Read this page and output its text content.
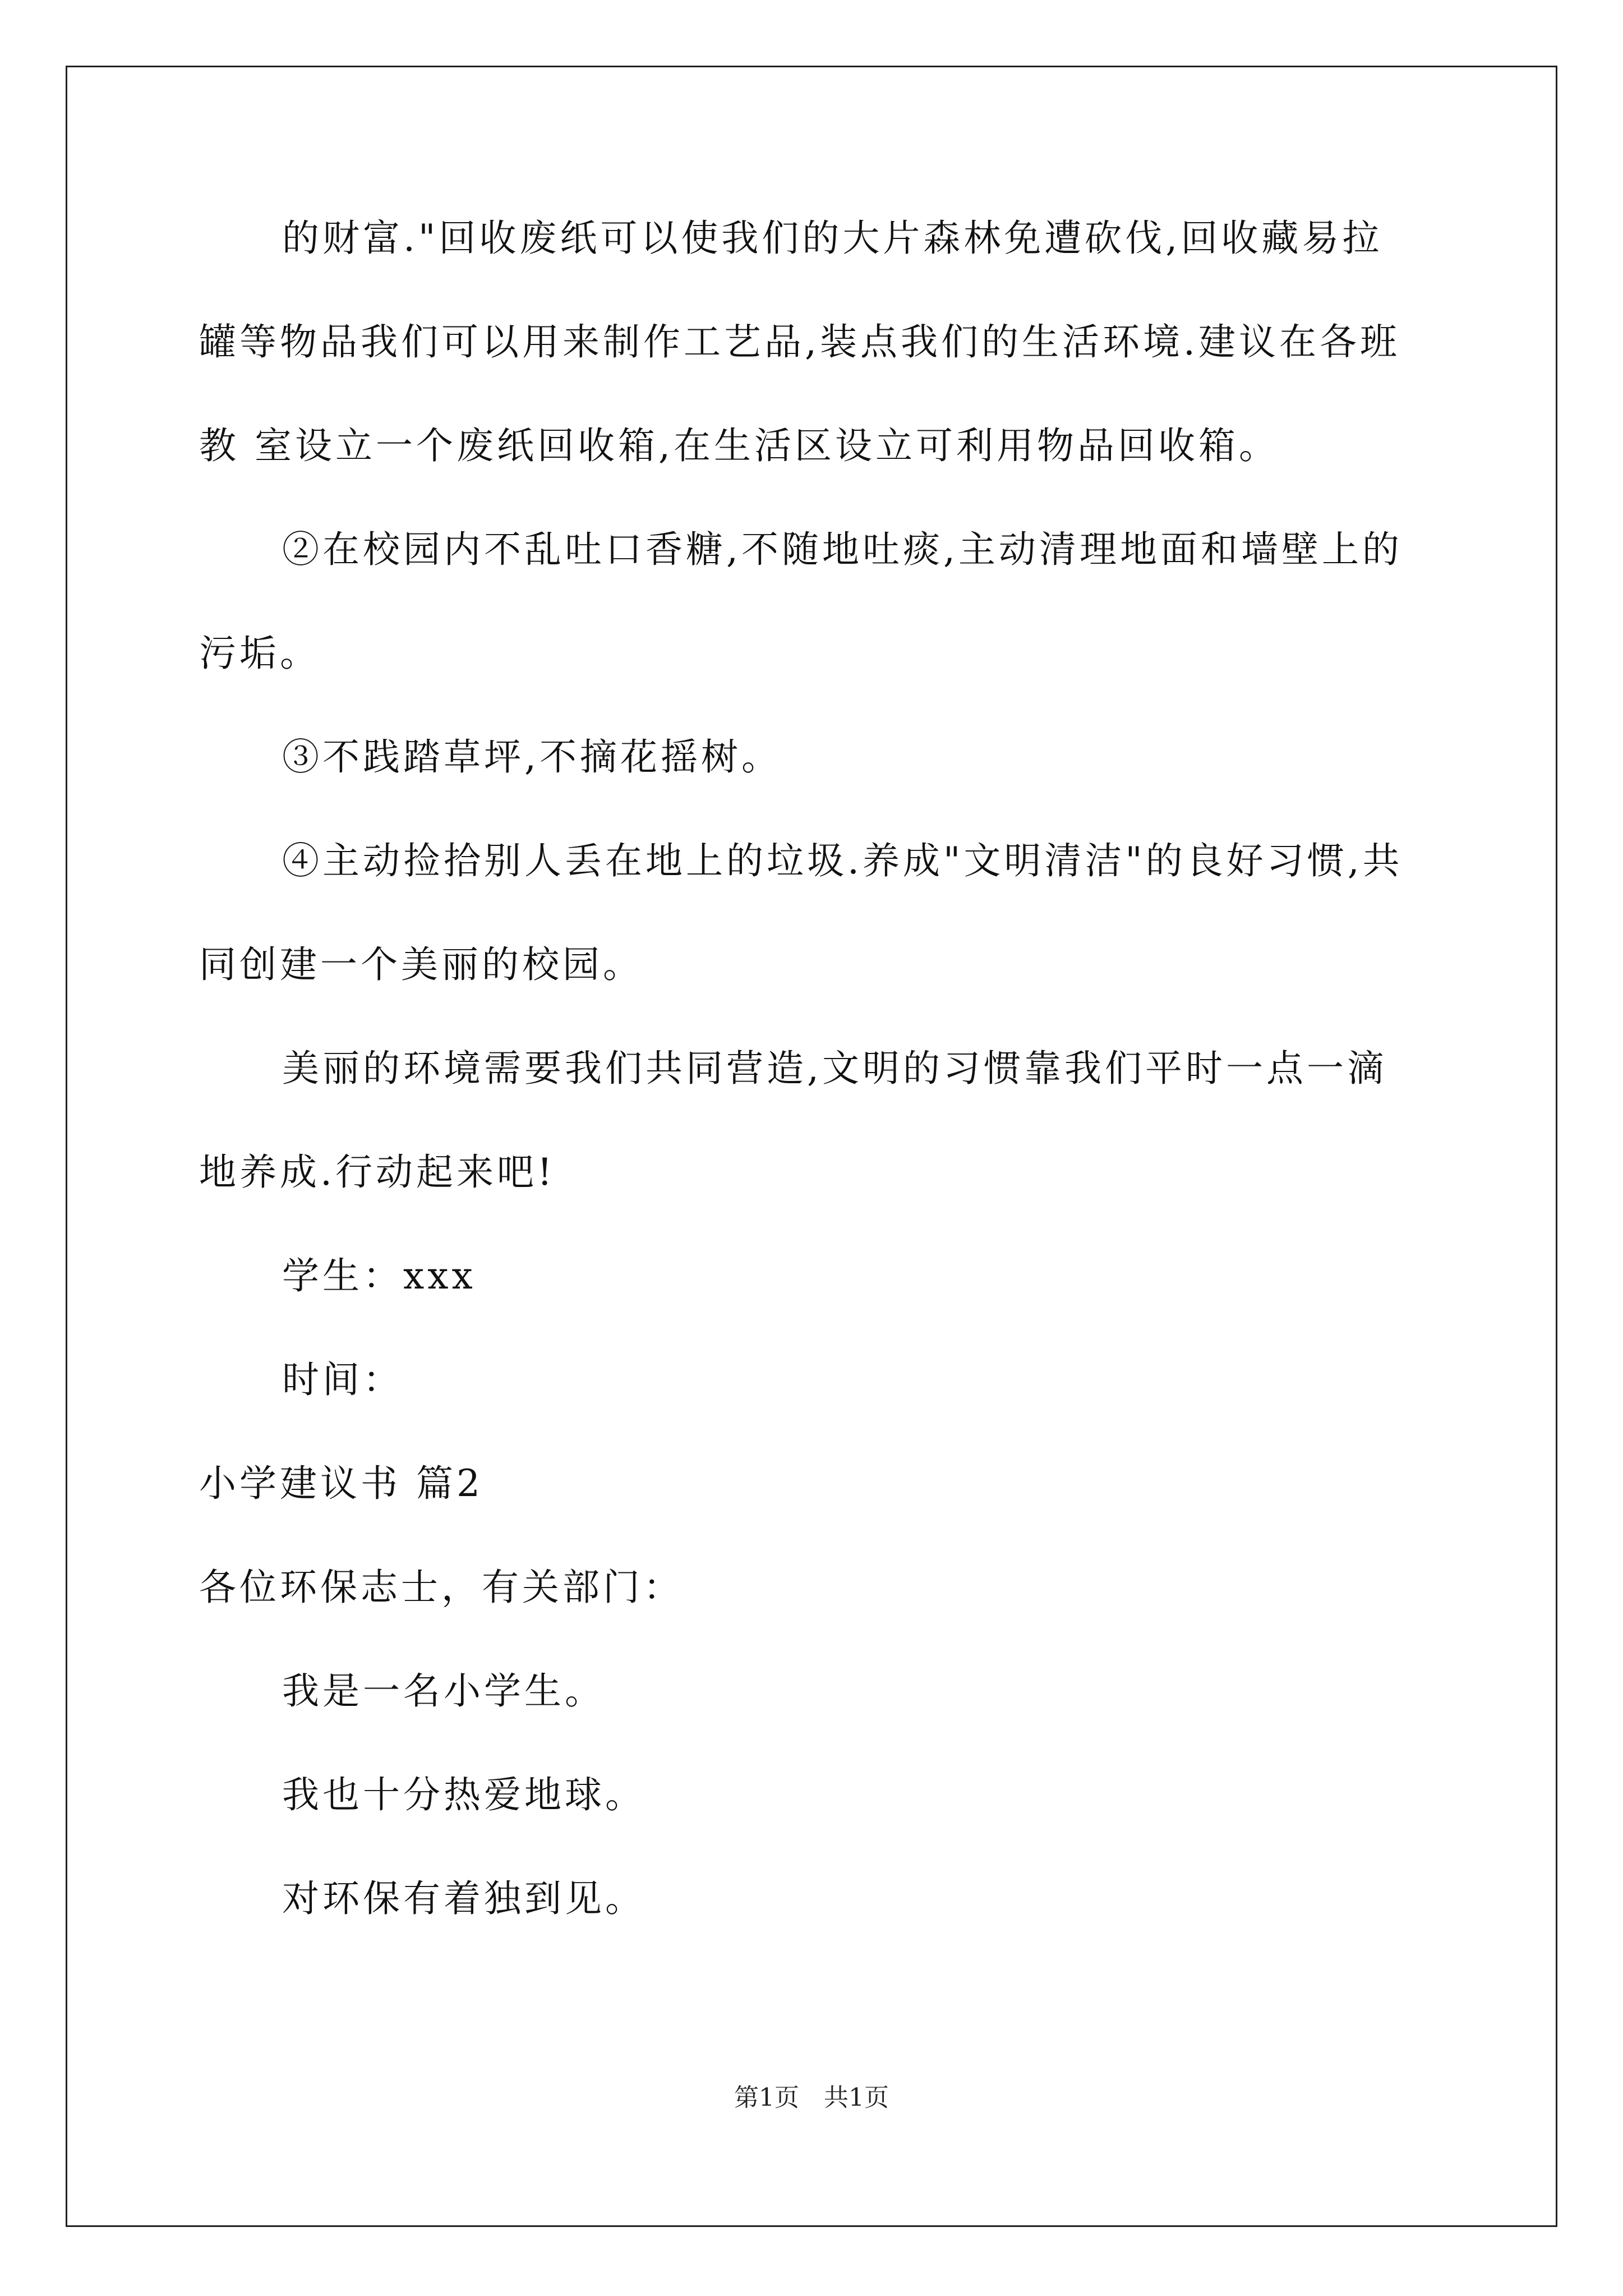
的财富."回收废纸可以使我们的大片森林免遭砍伐,回收藏易拉
罐等物品我们可以用来制作工艺品,装点我们的生活环境.建议在各班
教 室设立一个废纸回收箱,在生活区设立可利用物品回收箱。
②在校园内不乱吐口香糖,不随地吐痰,主动清理地面和墙壁上的
污垢。
③不践踏草坪,不摘花摇树。
④主动捡拾别人丢在地上的垃圾.养成"文明清洁"的良好习惯,共
同创建一个美丽的校园。
美丽的环境需要我们共同营造,文明的习惯靠我们平时一点一滴
地养成.行动起来吧!
学生：xxx
时间：
小学建议书 篇2
各位环保志士，有关部门：
我是一名小学生。
我也十分热爱地球。
对环保有着独到见。
第1页 共1页
